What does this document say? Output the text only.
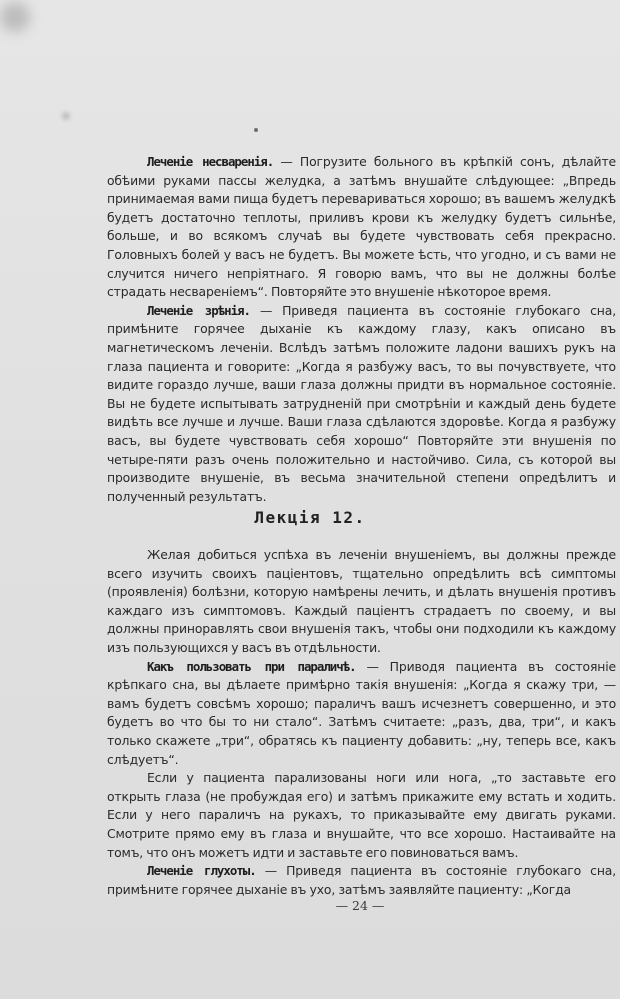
Леченіе несваренія. — Погрузите больного въ крѣпкій сонъ, дѣлайте обѣими руками пассы желудка, а затѣмъ внушайте слѣдующее: „Впредь принимаемая вами пища будетъ перевариваться хорошо; въ вашемъ желудкѣ будетъ достаточно теплоты, приливъ крови къ желудку будетъ сильнѣе, больше, и во всякомъ случаѣ вы будете чувствовать себя прекрасно. Головныхъ болей у васъ не будетъ. Вы можете ѣсть, что угодно, и съ вами не случится ничего непріятнаго. Я говорю вамъ, что вы не должны болѣе страдать несвареніемъ“. Повторяйте это внушеніе нѣкоторое время.

Леченіе зрѣнія. — Приведя пациента въ состояніе глубокаго сна, примѣните горячее дыханіе къ каждому глазу, какъ описано въ магнетическомъ леченіи. Вслѣдъ затѣмъ положите ладони вашихъ рукъ на глаза пациента и говорите: „Когда я разбужу васъ, то вы почувствуете, что видите гораздо лучше, ваши глаза должны придти въ нормальное состояніе. Вы не будете испытывать затрудненій при смотрѣніи и каждый день будете видѣть все лучше и лучше. Ваши глаза сдѣлаются здоровѣе. Когда я разбужу васъ, вы будете чувствовать себя хорошо“ Повторяйте эти внушенія по четыре-пяти разъ очень положительно и настойчиво. Сила, съ которой вы производите внушеніе, въ весьма значительной степени опредѣлитъ и полученный результатъ.

Лекція 12.

Желая добиться успѣха въ леченіи внушеніемъ, вы должны прежде всего изучить своихъ пацiентовъ, тщательно опредѣлить всѣ симптомы (проявленія) болѣзни, которую намѣрены лечить, и дѣлать внушенія противъ каждаго изъ симптомовъ. Каждый пацiентъ страдаетъ по своему, и вы должны приноравлять свои внушенія такъ, чтобы они подходили къ каждому изъ пользующихся у васъ въ отдѣльности.

Какъ пользовать при параличѣ. — Приводя пациента въ состояніе крѣпкаго сна, вы дѣлаете примѣрно такія внушенія: „Когда я скажу три, — вамъ будетъ совсѣмъ хорошо; параличъ вашъ исчезнетъ совершенно, и это будетъ во что бы то ни стало“. Затѣмъ считаете: „разъ, два, три“, и какъ только скажете „три“, обратясь къ пациенту добавить: „ну, теперь все, какъ слѣдуетъ“.

Если у пациента парализованы ноги или нога, „то заставьте его открыть глаза (не пробуждая его) и затѣмъ прикажите ему встать и ходить. Если у него параличъ на рукахъ, то приказывайте ему двигать руками. Смотрите прямо ему въ глаза и внушайте, что все хорошо. Настаивайте на томъ, что онъ можетъ идти и заставьте его повиноваться вамъ.

Леченіе глухоты. — Приведя пациента въ состояніе глубокаго сна, примѣните горячее дыханіе въ ухо, затѣмъ заявляйте пациенту: „Когда

— 24 —
